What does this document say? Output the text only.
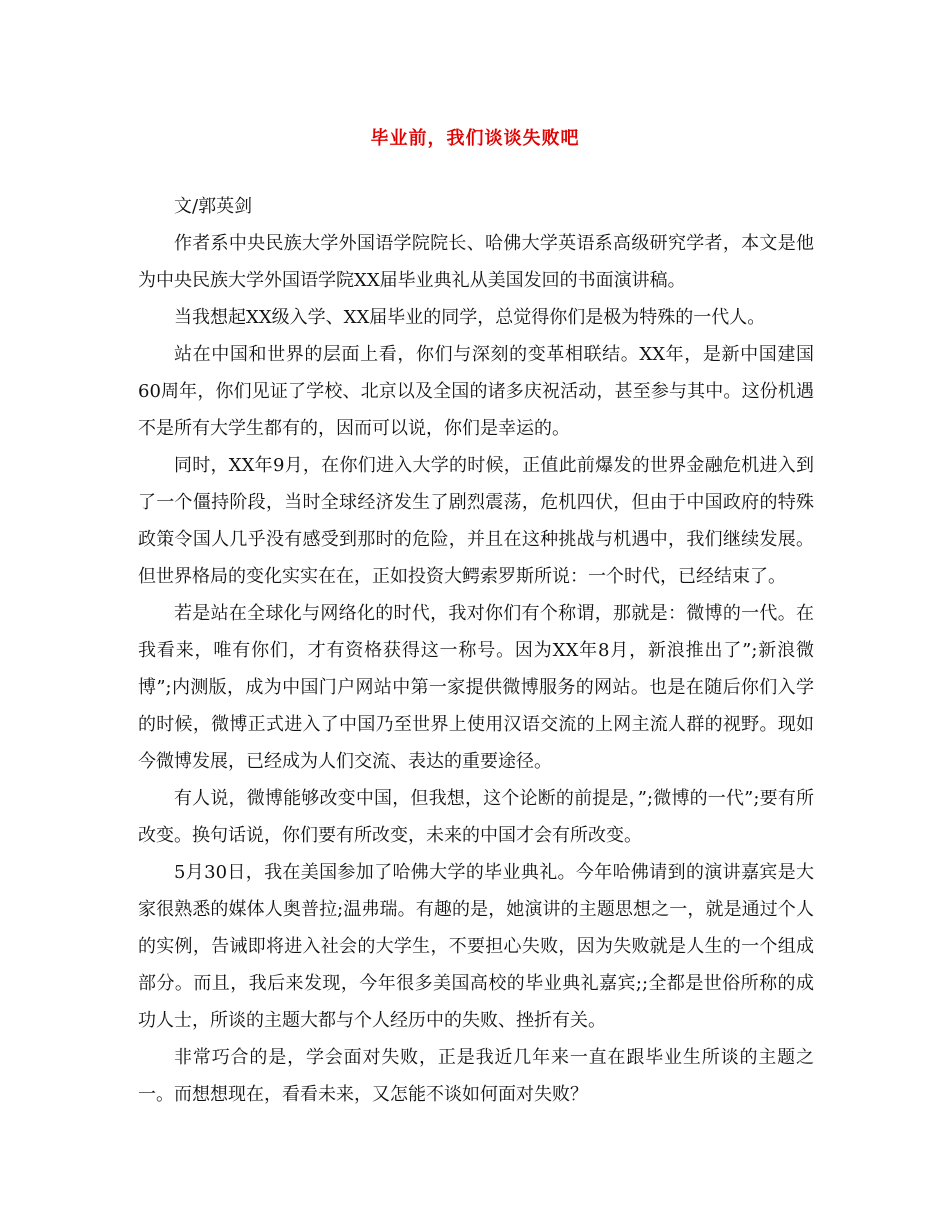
毕业前，我们谈谈失败吧

文/郭英剑

作者系中央民族大学外国语学院院长、哈佛大学英语系高级研究学者，本文是他为中央民族大学外国语学院XX届毕业典礼从美国发回的书面演讲稿。

当我想起XX级入学、XX届毕业的同学，总觉得你们是极为特殊的一代人。

站在中国和世界的层面上看，你们与深刻的变革相联结。XX年，是新中国建国60周年，你们见证了学校、北京以及全国的诸多庆祝活动，甚至参与其中。这份机遇不是所有大学生都有的，因而可以说，你们是幸运的。

同时，XX年9月，在你们进入大学的时候，正值此前爆发的世界金融危机进入到了一个僵持阶段，当时全球经济发生了剧烈震荡，危机四伏，但由于中国政府的特殊政策令国人几乎没有感受到那时的危险，并且在这种挑战与机遇中，我们继续发展。但世界格局的变化实实在在，正如投资大鳄索罗斯所说：一个时代，已经结束了。

若是站在全球化与网络化的时代，我对你们有个称谓，那就是：微博的一代。在我看来，唯有你们，才有资格获得这一称号。因为XX年8月，新浪推出了”;新浪微博”;内测版，成为中国门户网站中第一家提供微博服务的网站。也是在随后你们入学的时候，微博正式进入了中国乃至世界上使用汉语交流的上网主流人群的视野。现如今微博发展，已经成为人们交流、表达的重要途径。

有人说，微博能够改变中国，但我想，这个论断的前提是，”;微博的一代”;要有所改变。换句话说，你们要有所改变，未来的中国才会有所改变。

5月30日，我在美国参加了哈佛大学的毕业典礼。今年哈佛请到的演讲嘉宾是大家很熟悉的媒体人奥普拉;温弗瑞。有趣的是，她演讲的主题思想之一，就是通过个人的实例，告诫即将进入社会的大学生，不要担心失败，因为失败就是人生的一个组成部分。而且，我后来发现，今年很多美国高校的毕业典礼嘉宾;;全都是世俗所称的成功人士，所谈的主题大都与个人经历中的失败、挫折有关。

非常巧合的是，学会面对失败，正是我近几年来一直在跟毕业生所谈的主题之一。而想想现在，看看未来，又怎能不谈如何面对失败？
